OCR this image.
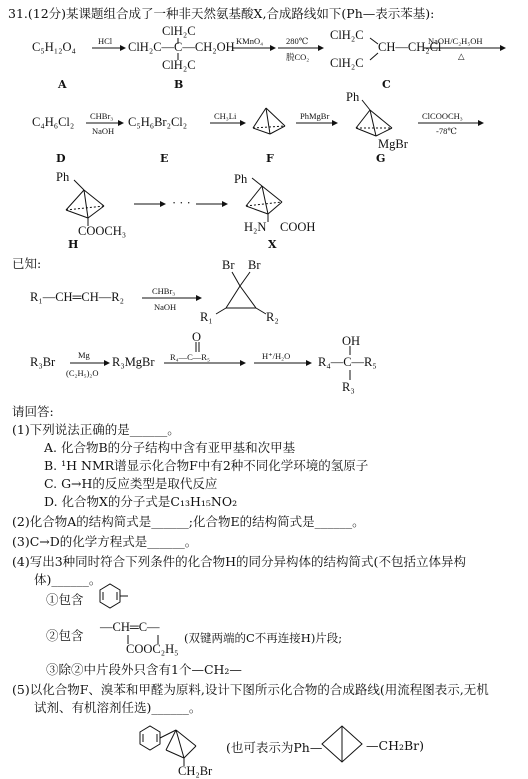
31.(12分)某课题组合成了一种非天然氨基酸X,合成路线如下(Ph—表示苯基):
C₅H₁₂O₄
A
HCl
ClH₂C
ClH₂C—C—CH₂OH
ClH₂C
B
KMnO₄	280℃
脱CO₂
ClH₂C
CH—CH₂Cl
ClH₂C
C
NaOH/C₂H₅OH
△
C₄H₆Cl₂
D
CHBr₃
NaOH
C₅H₆Br₂Cl₂
E
CH₃Li
F
PhMgBr
Ph
MgBr
G
ClCOOCH₃
-78℃
Ph
COOCH₃
H
· · ·
Ph
H₂N COOH
X
已知:
R₁—CH═CH—R₂	CHBr₃
NaOH
Br Br
R₁	R₂
R₃Br	Mg
(C₂H₅)₂O
R₃MgBr
O
R₄—C—R₅	H⁺/H₂O
OH
R₄—C—R₅
R₃
请回答:
(1)下列说法正确的是______。
A. 化合物B的分子结构中含有亚甲基和次甲基
B. ¹H NMR谱显示化合物F中有2种不同化学环境的氢原子
C. G→H的反应类型是取代反应
D. 化合物X的分子式是C₁₃H₁₅NO₂
(2)化合物A的结构简式是______;化合物E的结构简式是______。
(3)C→D的化学方程式是______。
(4)写出3种同时符合下列条件的化合物H的同分异构体的结构简式(不包括立体异构
体)______。
①包含
②包含
—CH═C—
COOC₂H₅
(双键两端的C不再连接H)片段;
③除②中片段外只含有1个—CH₂—
(5)以化合物F、溴苯和甲醛为原料,设计下图所示化合物的合成路线(用流程图表示,无机
试剂、有机溶剂任选)______。
CH₂Br
(也可表示为Ph—	—CH₂Br)
